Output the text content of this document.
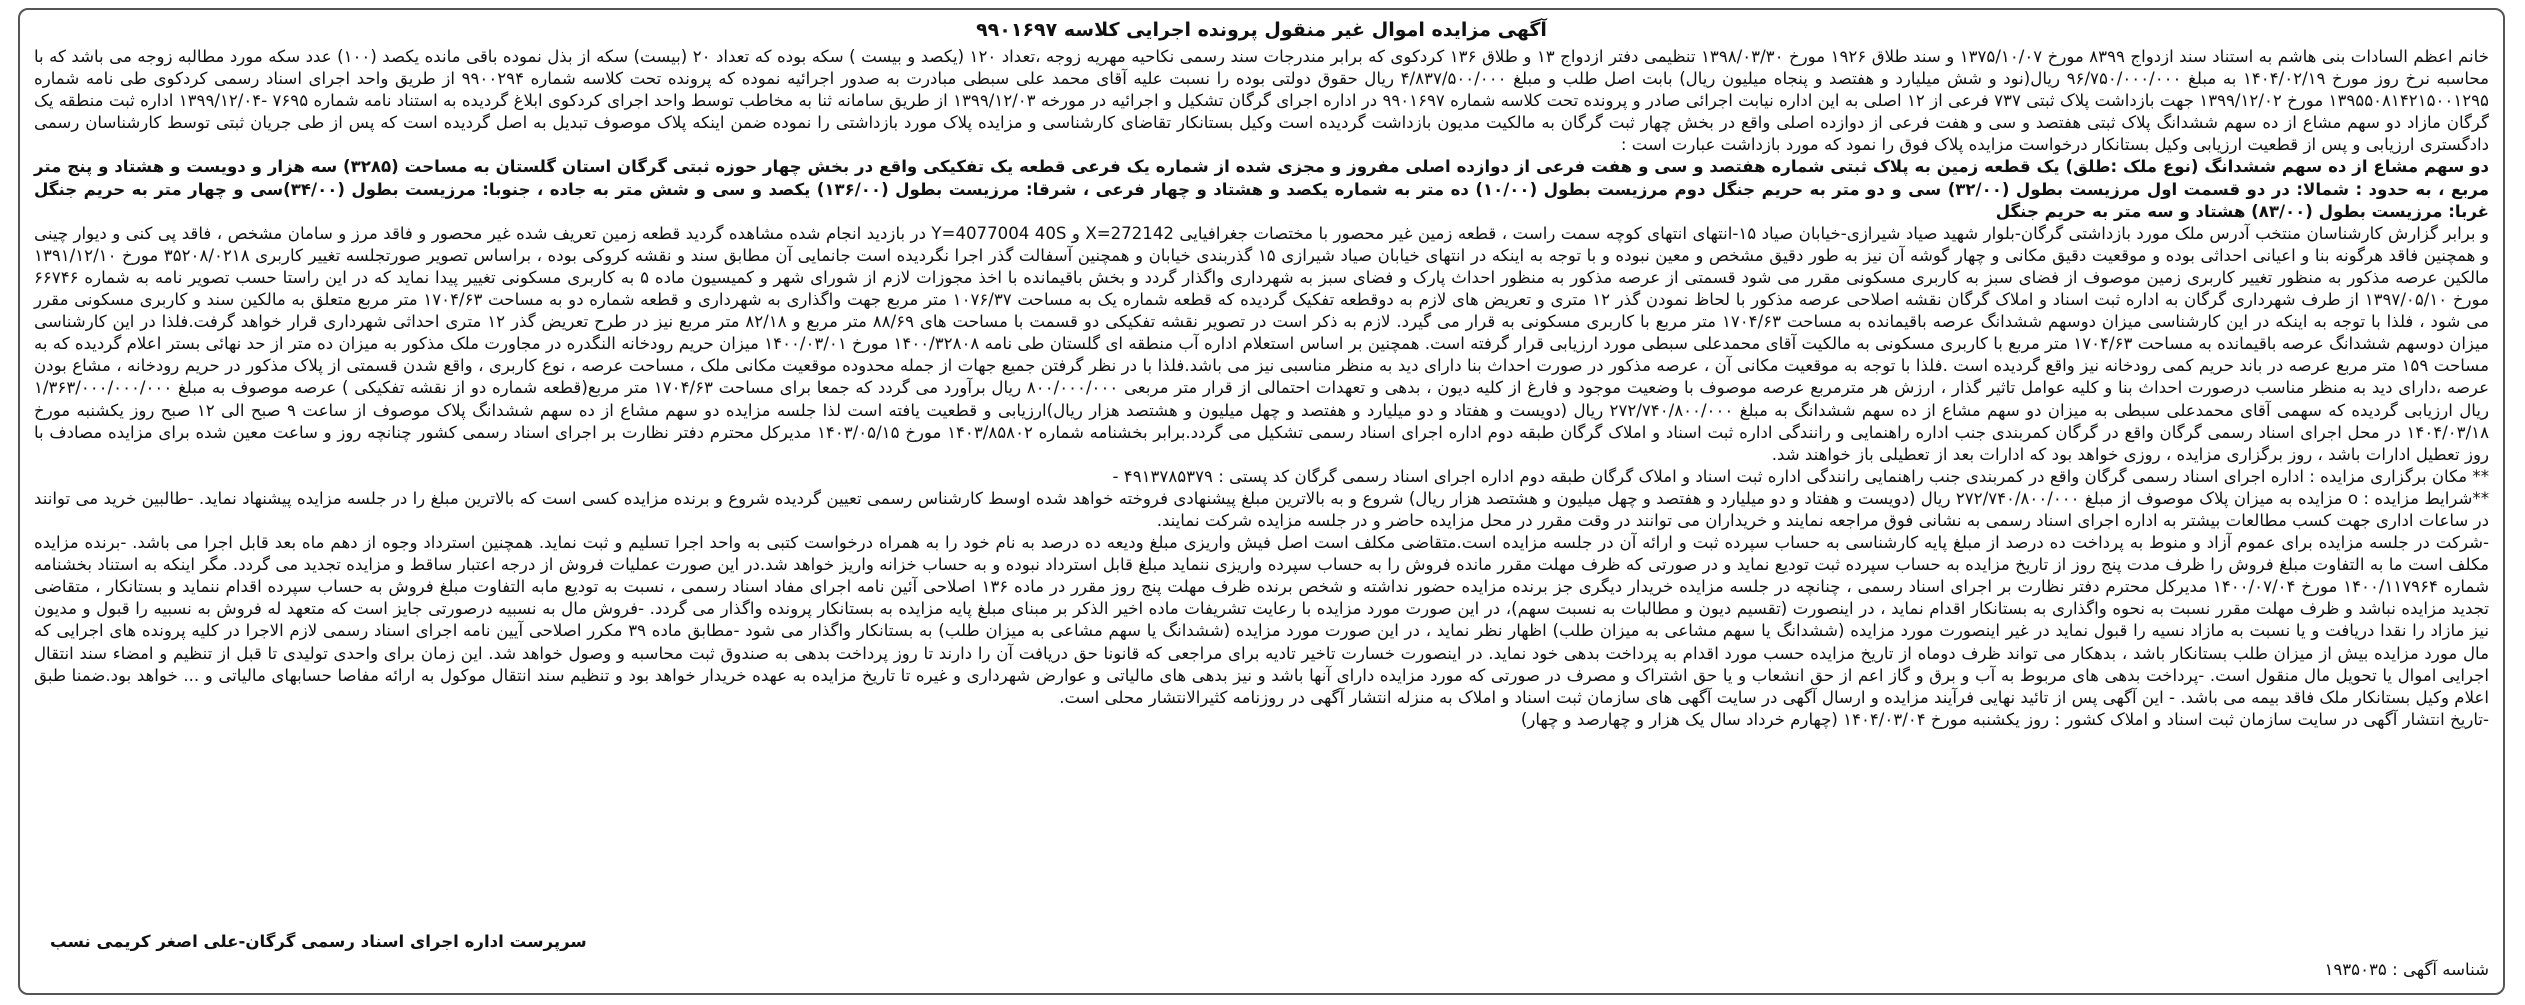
آگهی مزایده اموال غیر منقول پرونده اجرایی کلاسه ۹۹۰۱۶۹۷

خانم اعظم السادات بنی هاشم به استناد سند ازدواج ۸۳۹۹ مورخ ۱۳۷۵/۱۰/۰۷ و سند طلاق ۱۹۲۶ مورخ ۱۳۹۸/۰۳/۳۰ تنظیمی دفتر ازدواج ۱۳ و طلاق ۱۳۶ کردکوی که برابر مندرجات سند رسمی نکاحیه مهریه زوجه ،تعداد ۱۲۰ (یکصد و بیست ) سکه بوده که تعداد ۲۰ (بیست) سکه از بذل نموده باقی مانده یکصد (۱۰۰) عدد سکه مورد مطالبه زوجه می باشد که با محاسبه نرخ روز مورخ ۱۴۰۴/۰۲/۱۹ به مبلغ ۹۶/۷۵۰/۰۰۰/۰۰۰ ریال(نود و شش میلیارد و هفتصد و پنجاه میلیون ریال) بابت اصل طلب و مبلغ ۴/۸۳۷/۵۰۰/۰۰۰ ریال حقوق دولتی بوده را نسبت علیه آقای محمد علی سبطی مبادرت به صدور اجرائیه نموده که پرونده تحت کلاسه شماره ۹۹۰۰۲۹۴ از طریق واحد اجرای اسناد رسمی کردکوی طی نامه شماره ۱۳۹۵۵۰۸۱۴۲۱۵۰۰۱۲۹۵ مورخ ۱۳۹۹/۱۲/۰۲ جهت بازداشت پلاک ثبتی ۷۳۷ فرعی از ۱۲ اصلی به این اداره نیابت اجرائی صادر و پرونده تحت کلاسه شماره ۹۹۰۱۶۹۷ در اداره اجرای گرگان تشکیل و اجرائیه در مورخه ۱۳۹۹/۱۲/۰۳ از طریق سامانه ثنا به مخاطب توسط واحد اجرای کردکوی ابلاغ گردیده به استناد نامه شماره ۷۶۹۵ -۱۳۹۹/۱۲/۰۴ اداره ثبت منطقه یک گرگان مازاد دو سهم مشاع از ده سهم ششدانگ پلاک ثبتی هفتصد و سی و هفت فرعی از دوازده اصلی واقع در بخش چهار ثبت گرگان به مالکیت مدیون بازداشت گردیده است وکیل بستانکار تقاضای کارشناسی و مزایده پلاک مورد بازداشتی را نموده ضمن اینکه پلاک موصوف تبدیل به اصل گردیده است که پس از طی جریان ثبتی توسط کارشناسان رسمی دادگستری ارزیابی و پس از قطعیت ارزیابی وکیل بستانکار درخواست مزایده پلاک فوق را نمود که مورد بازداشت عبارت است :

دو سهم مشاع از ده سهم ششدانگ (نوع ملک :طلق) یک قطعه زمین به پلاک ثبتی شماره هفتصد و سی و هفت فرعی از دوازده اصلی مفروز و مجزی شده از شماره یک فرعی قطعه یک تفکیکی واقع در بخش چهار حوزه ثبتی گرگان استان گلستان به مساحت (۳۲۸۵) سه هزار و دویست و هشتاد و پنج متر مربع ، به حدود : شمالا: در دو قسمت اول مرزیست بطول (۳۲/۰۰) سی و دو متر به حریم جنگل دوم مرزیست بطول (۱۰/۰۰) ده متر به شماره یکصد و هشتاد و چهار فرعی ، شرقا: مرزیست بطول (۱۳۶/۰۰) یکصد و سی و شش متر به جاده ، جنوبا: مرزیست بطول (۳۴/۰۰)سی و چهار متر به حریم جنگل غربا: مرزیست بطول (۸۳/۰۰) هشتاد و سه متر به حریم جنگل

و برابر گزارش کارشناسان منتخب آدرس ملک مورد بازداشتی گرگان-بلوار شهید صیاد شیرازی-خیابان صیاد ۱۵-انتهای انتهای کوچه سمت راست ، قطعه زمین غیر محصور با مختصات جغرافیایی X=272142 و Y=4077004 40S در بازدید انجام شده مشاهده گردید قطعه زمین تعریف شده غیر محصور و فاقد مرز و سامان مشخص ، فاقد پی کنی و دیوار چینی و همچنین فاقد هرگونه بنا و اعیانی احداثی بوده و موقعیت دقیق مکانی و چهار گوشه آن نیز به طور دقیق مشخص و معین نبوده و با توجه به اینکه در انتهای خیابان صیاد شیرازی ۱۵ گذربندی خیابان و همچنین آسفالت گذر اجرا نگردیده است جانمایی آن مطابق سند و نقشه کروکی بوده ، براساس تصویر صورتجلسه تغییر کاربری ۳۵۲۰۸/۰۲۱۸ مورخ ۱۳۹۱/۱۲/۱۰ مالکین عرصه مذکور به منظور تغییر کاربری زمین موصوف از فضای سبز به کاربری مسکونی مقرر می شود قسمتی از عرصه مذکور به منظور احداث پارک و فضای سبز به شهرداری واگذار گردد و بخش باقیمانده با اخذ مجوزات لازم از شورای شهر و کمیسیون ماده ۵ به کاربری مسکونی تغییر پیدا نماید که در این راستا حسب تصویر نامه به شماره ۶۶۷۴۶ مورخ ۱۳۹۷/۰۵/۱۰ از طرف شهرداری گرگان به اداره ثبت اسناد و املاک گرگان نقشه اصلاحی عرصه مذکور با لحاظ نمودن گذر ۱۲ متری و تعریض های لازم به دوقطعه تفکیک گردیده که قطعه شماره یک به مساحت ۱۰۷۶/۳۷ متر مربع جهت واگذاری به شهرداری و قطعه شماره دو به مساحت ۱۷۰۴/۶۳ متر مربع متعلق به مالکین سند و کاربری مسکونی مقرر می شود ، فلذا با توجه به اینکه در این کارشناسی میزان دوسهم ششدانگ عرصه باقیمانده به مساحت ۱۷۰۴/۶۳ متر مربع با کاربری مسکونی به قرار می گیرد. لازم به ذکر است در تصویر نقشه تفکیکی دو قسمت با مساحت های ۸۸/۶۹ متر مربع و ۸۲/۱۸ متر مربع نیز در طرح تعریض گذر ۱۲ متری احداثی شهرداری قرار خواهد گرفت.فلذا در این کارشناسی میزان دوسهم ششدانگ عرصه باقیمانده به مساحت ۱۷۰۴/۶۳ متر مربع با کاربری مسکونی به مالکیت آقای محمدعلی سبطی مورد ارزیابی قرار گرفته است. همچنین بر اساس استعلام اداره آب منطقه ای گلستان طی نامه ۱۴۰۰/۳۲۸۰۸ مورخ ۱۴۰۰/۰۳/۰۱ میزان حریم رودخانه النگدره در مجاورت ملک مذکور به میزان ده متر از حد نهائی بستر اعلام گردیده که به مساحت ۱۵۹ متر مربع عرصه در باند حریم کمی رودخانه نیز واقع گردیده است .فلذا با توجه به موقعیت مکانی آن ، عرصه مذکور در صورت احداث بنا دارای دید به منظر مناسبی نیز می باشد.فلذا با در نظر گرفتن جمیع جهات از جمله محدوده موقعیت مکانی ملک ، مساحت عرصه ، نوع کاربری ، واقع شدن قسمتی از پلاک مذکور در حریم رودخانه ، مشاع بودن عرصه ،دارای دید به منظر مناسب درصورت احداث بنا و کلیه عوامل تاثیر گذار ، ارزش هر مترمربع عرصه موصوف با وضعیت موجود و فارغ از کلیه دیون ، بدهی و تعهدات احتمالی از قرار متر مربعی ۸۰۰/۰۰۰/۰۰۰ ریال برآورد می گردد که جمعا برای مساحت ۱۷۰۴/۶۳ متر مربع(قطعه شماره دو از نقشه تفکیکی ) عرصه موصوف به مبلغ ۱/۳۶۳/۰۰۰/۰۰۰/۰۰۰ ریال ارزیابی گردیده که سهمی آقای محمدعلی سبطی به میزان دو سهم مشاع از ده سهم ششدانگ به مبلغ ۲۷۲/۷۴۰/۸۰۰/۰۰۰ ریال (دویست و هفتاد و دو میلیارد و هفتصد و چهل میلیون و هشتصد هزار ریال)ارزیابی و قطعیت یافته است لذا جلسه مزایده دو سهم مشاع از ده سهم ششدانگ پلاک موصوف از ساعت ۹ صبح الی ۱۲ صبح روز یکشنبه مورخ ۱۴۰۴/۰۳/۱۸ در محل اجرای اسناد رسمی گرگان واقع در گرگان کمربندی جنب اداره راهنمایی و رانندگی اداره ثبت اسناد و املاک گرگان طبقه دوم اداره اجرای اسناد رسمی تشکیل می گردد.برابر بخشنامه شماره ۱۴۰۳/۸۵۸۰۲ مورخ ۱۴۰۳/۰۵/۱۵ مدیرکل محترم دفتر نظارت بر اجرای اسناد رسمی کشور چنانچه روز و ساعت معین شده برای مزایده مصادف با روز تعطیل ادارات باشد ، روز برگزاری مزایده ، روزی خواهد بود که ادارات بعد از تعطیلی باز خواهند شد.

** مکان برگزاری مزایده : اداره اجرای اسناد رسمی گرگان واقع در کمربندی جنب راهنمایی رانندگی اداره ثبت اسناد و املاک گرگان طبقه دوم اداره اجرای اسناد رسمی گرگان کد پستی : ۴۹۱۳۷۸۵۳۷۹ -

**شرایط مزایده : o مزایده به میزان پلاک موصوف از مبلغ ۲۷۲/۷۴۰/۸۰۰/۰۰۰ ریال (دویست و هفتاد و دو میلیارد و هفتصد و چهل میلیون و هشتصد هزار ریال) شروع و به بالاترین مبلغ پیشنهادی فروخته خواهد شده اوسط کارشناس رسمی تعیین گردیده شروع و برنده مزایده کسی است که بالاترین مبلغ را در جلسه مزایده پیشنهاد نماید. -طالبین خرید می توانند در ساعات اداری جهت کسب مطالعات بیشتر به اداره اجرای اسناد رسمی به نشانی فوق مراجعه نمایند و خریداران می توانند در وقت مقرر در محل مزایده حاضر و در جلسه مزایده شرکت نمایند.

-شرکت در جلسه مزایده برای عموم آزاد و منوط به پرداخت ده درصد از مبلغ پایه کارشناسی به حساب سپرده ثبت و ارائه آن در جلسه مزایده است.متقاضی مکلف است اصل فیش واریزی مبلغ ودیعه ده درصد به نام خود را به همراه درخواست کتبی به واحد اجرا تسلیم و ثبت نماید. همچنین استرداد وجوه از دهم ماه بعد قابل اجرا می باشد. -برنده مزایده مکلف است ما به التفاوت مبلغ فروش را ظرف مدت پنج روز از تاریخ مزایده به حساب سپرده ثبت تودیع نماید و در صورتی که ظرف مهلت مقرر مانده فروش را به حساب سپرده واریزی ننماید مبلغ قابل استرداد نبوده و به حساب خزانه واریز خواهد شد.در این صورت عملیات فروش از درجه اعتبار ساقط و مزایده تجدید می گردد. مگر اینکه به استناد بخشنامه شماره ۱۴۰۰/۱۱۷۹۶۴ مورخ ۱۴۰۰/۰۷/۰۴ مدیرکل محترم دفتر نظارت بر اجرای اسناد رسمی ، چنانچه در جلسه مزایده خریدار دیگری جز برنده مزایده حضور نداشته و شخص برنده ظرف مهلت پنج روز مقرر در ماده ۱۳۶ اصلاحی آئین نامه اجرای مفاد اسناد رسمی ، نسبت به تودیع مابه التفاوت مبلغ فروش به حساب سپرده اقدام ننماید و بستانکار ، متقاضی تجدید مزایده نباشد و ظرف مهلت مقرر نسبت به نحوه واگذاری به بستانکار اقدام نماید ، در اینصورت (تقسیم دیون و مطالبات به نسبت سهم)، در این صورت مورد مزایده با رعایت تشریفات ماده اخیر الذکر بر مبنای مبلغ پایه مزایده به بستانکار پرونده واگذار می گردد. -فروش مال به نسبیه درصورتی جایز است که متعهد له فروش به نسبیه را قبول و مدیون نیز مازاد را نقدا دریافت و یا نسبت به مازاد نسیه را قبول نماید در غیر اینصورت مورد مزایده (ششدانگ یا سهم مشاعی به میزان طلب) اظهار نظر نماید ، در این صورت مورد مزایده (ششدانگ یا سهم مشاعی به میزان طلب) به بستانکار واگذار می شود -مطابق ماده ۳۹ مکرر اصلاحی آیین نامه اجرای اسناد رسمی لازم الاجرا در کلیه پرونده های اجرایی که مال مورد مزایده بیش از میزان طلب بستانکار باشد ، بدهکار می تواند ظرف دوماه از تاریخ مزایده حسب مورد اقدام به پرداخت بدهی خود نماید. در اینصورت خسارت تاخیر تادیه برای مراجعی که قانونا حق دریافت آن را دارند تا روز پرداخت بدهی به صندوق ثبت محاسبه و وصول خواهد شد. این زمان برای واحدی تولیدی تا قبل از تنظیم و امضاء سند انتقال اجرایی اموال یا تحویل مال منقول است. -پرداخت بدهی های مربوط به آب و برق و گاز اعم از حق انشعاب و یا حق اشتراک و مصرف در صورتی که مورد مزایده دارای آنها باشد و نیز بدهی های مالیاتی و عوارض شهرداری و غیره تا تاریخ مزایده به عهده خریدار خواهد بود و تنظیم سند انتقال موکول به ارائه مفاصا حسابهای مالیاتی و ... خواهد بود.ضمنا طبق اعلام وکیل بستانکار ملک فاقد بیمه می باشد. - این آگهی پس از تائید نهایی فرآیند مزایده و ارسال آگهی در سایت آگهی های سازمان ثبت اسناد و املاک به منزله انتشار آگهی در روزنامه کثیرالانتشار محلی است.

-تاریخ انتشار آگهی در سایت سازمان ثبت اسناد و املاک کشور : روز یکشنبه مورخ ۱۴۰۴/۰۳/۰۴ (چهارم خرداد سال یک هزار و چهارصد و چهار)

سرپرست اداره اجرای اسناد رسمی گرگان-علی اصغر کریمی نسب
شناسه آگهی : ۱۹۳۵۰۳۵
